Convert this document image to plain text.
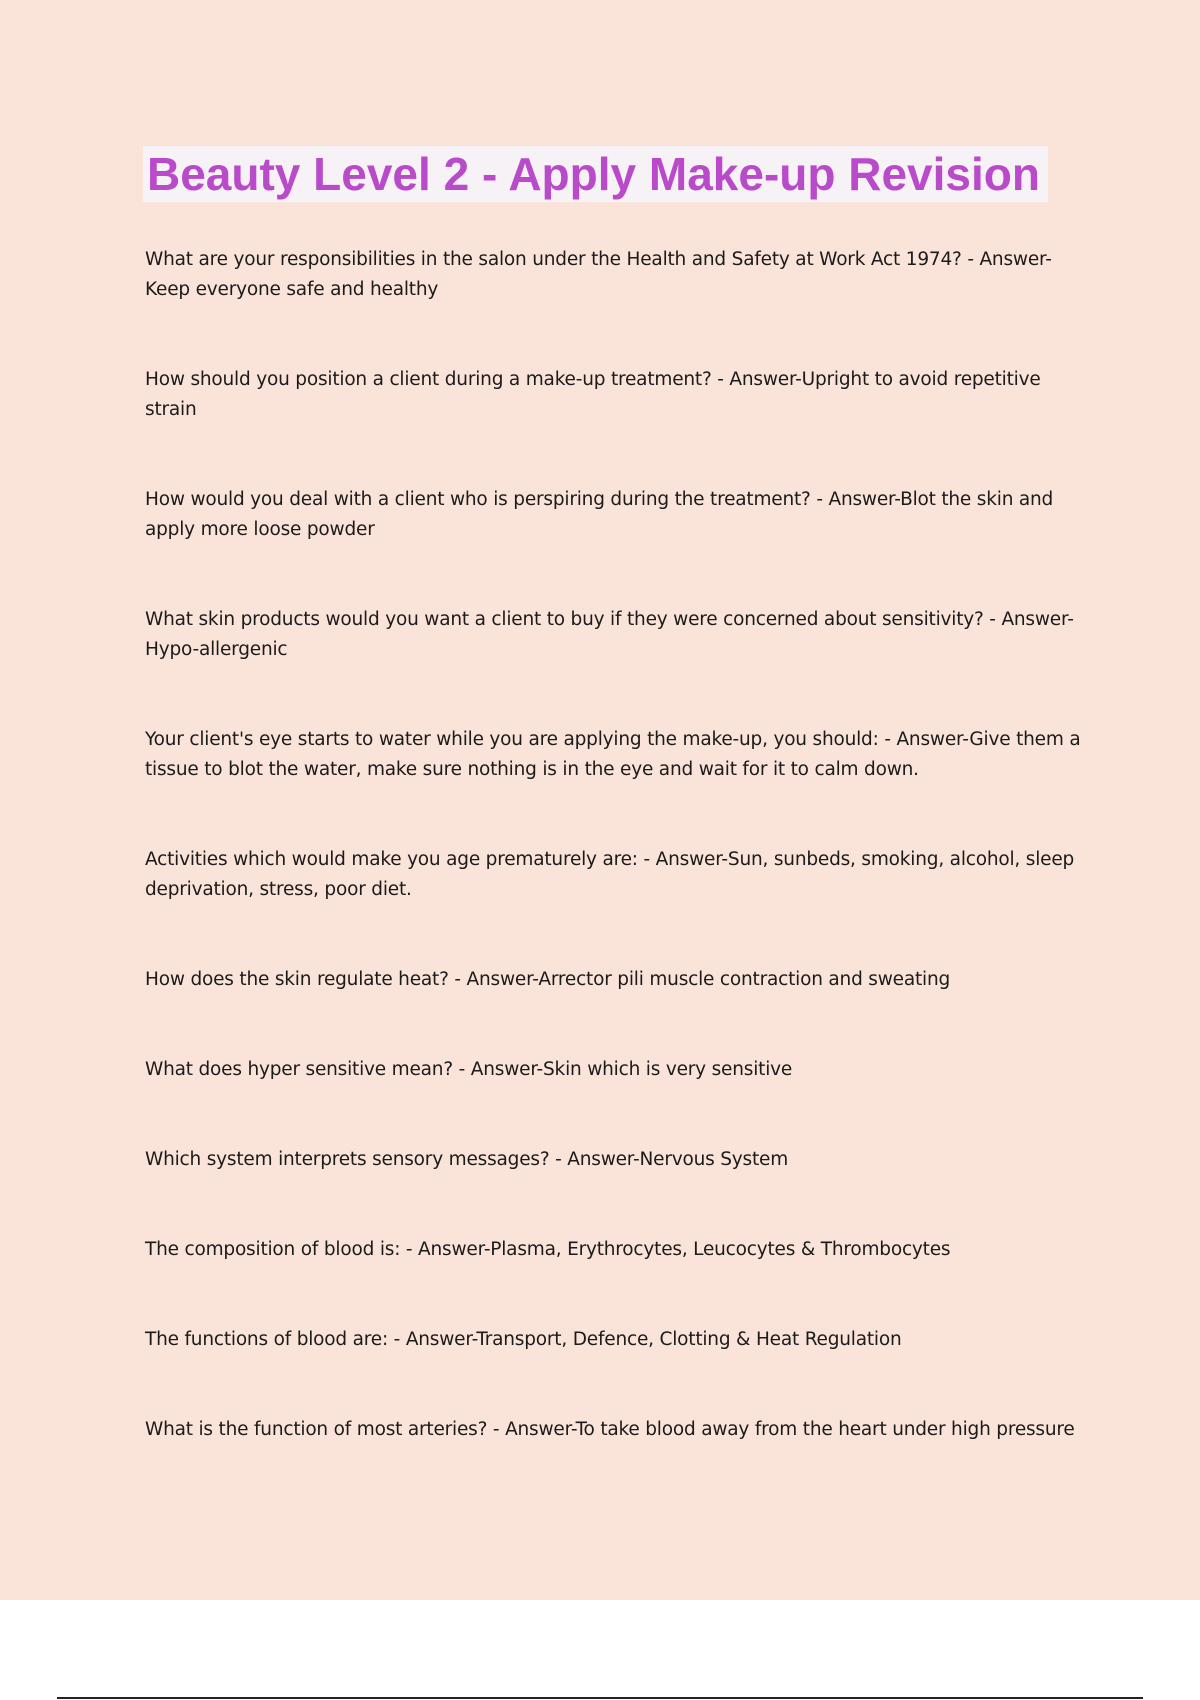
Beauty Level 2 - Apply Make-up Revision

What are your responsibilities in the salon under the Health and Safety at Work Act 1974? - Answer-Keep everyone safe and healthy

How should you position a client during a make-up treatment? - Answer-Upright to avoid repetitive strain

How would you deal with a client who is perspiring during the treatment? - Answer-Blot the skin and apply more loose powder

What skin products would you want a client to buy if they were concerned about sensitivity? - Answer-Hypo-allergenic

Your client's eye starts to water while you are applying the make-up, you should: - Answer-Give them a tissue to blot the water, make sure nothing is in the eye and wait for it to calm down.

Activities which would make you age prematurely are: - Answer-Sun, sunbeds, smoking, alcohol, sleep deprivation, stress, poor diet.

How does the skin regulate heat? - Answer-Arrector pili muscle contraction and sweating

What does hyper sensitive mean? - Answer-Skin which is very sensitive

Which system interprets sensory messages? - Answer-Nervous System

The composition of blood is: - Answer-Plasma, Erythrocytes, Leucocytes & Thrombocytes

The functions of blood are: - Answer-Transport, Defence, Clotting & Heat Regulation

What is the function of most arteries? - Answer-To take blood away from the heart under high pressure
